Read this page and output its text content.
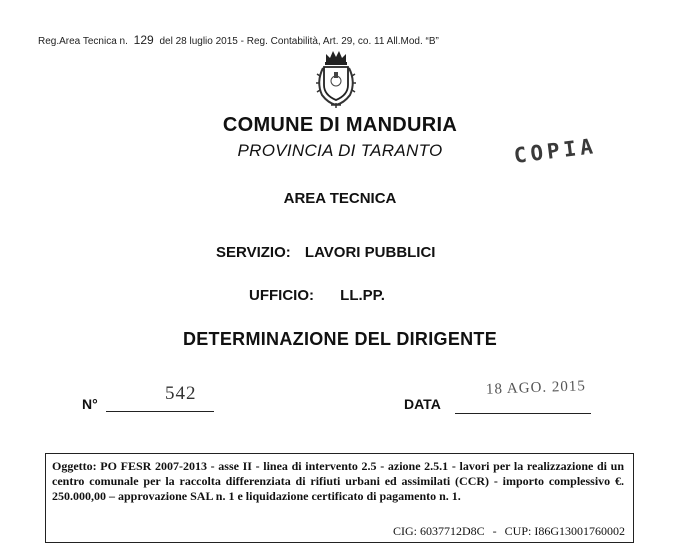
Reg.Area Tecnica n. 129 del 28 luglio 2015 - Reg. Contabilità, Art. 29, co. 11 All.Mod. “B”
COMUNE DI MANDURIA
PROVINCIA DI TARANTO	COPIA
AREA TECNICA
SERVIZIO: LAVORI PUBBLICI
UFFICIO: LL.PP.
DETERMINAZIONE DEL DIRIGENTE
N°	542	DATA
18 AGO. 2015

Oggetto: PO FESR 2007-2013 - asse II - linea di intervento 2.5 - azione 2.5.1 - lavori per la realizzazione di un centro comunale per la raccolta differenziata di rifiuti urbani ed assimilati (CCR) - importo complessivo €. 250.000,00 – approvazione SAL n. 1 e liquidazione certificato di pagamento n. 1.

CIG: 6037712D8C - CUP: I86G13001760002
